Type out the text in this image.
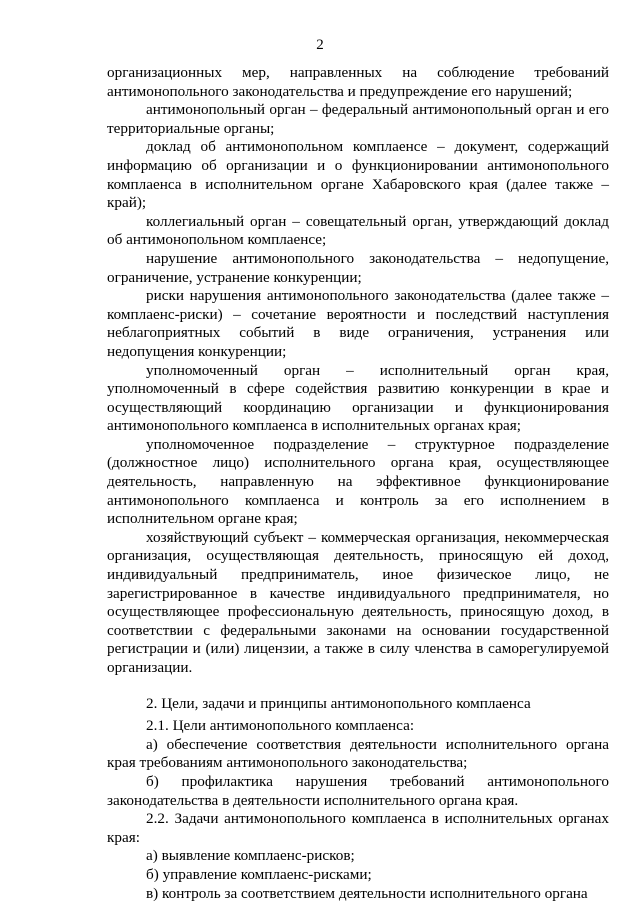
2

организационных мер, направленных на соблюдение требований антимонопольного законодательства и предупреждение его нарушений;

антимонопольный орган – федеральный антимонопольный орган и его территориальные органы;

доклад об антимонопольном комплаенсе – документ, содержащий информацию об организации и о функционировании антимонопольного комплаенса в исполнительном органе Хабаровского края (далее также – край);

коллегиальный орган – совещательный орган, утверждающий доклад об антимонопольном комплаенсе;

нарушение антимонопольного законодательства – недопущение, ограничение, устранение конкуренции;

риски нарушения антимонопольного законодательства (далее также – комплаенс-риски) – сочетание вероятности и последствий наступления неблагоприятных событий в виде ограничения, устранения или недопущения конкуренции;

уполномоченный орган – исполнительный орган края, уполномоченный в сфере содействия развитию конкуренции в крае и осуществляющий координацию организации и функционирования антимонопольного комплаенса в исполнительных органах края;

уполномоченное подразделение – структурное подразделение (должностное лицо) исполнительного органа края, осуществляющее деятельность, направленную на эффективное функционирование антимонопольного комплаенса и контроль за его исполнением в исполнительном органе края;

хозяйствующий субъект – коммерческая организация, некоммерческая организация, осуществляющая деятельность, приносящую ей доход, индивидуальный предприниматель, иное физическое лицо, не зарегистрированное в качестве индивидуального предпринимателя, но осуществляющее профессиональную деятельность, приносящую доход, в соответствии с федеральными законами на основании государственной регистрации и (или) лицензии, а также в силу членства в саморегулируемой организации.

2. Цели, задачи и принципы антимонопольного комплаенса

2.1. Цели антимонопольного комплаенса:

а) обеспечение соответствия деятельности исполнительного органа края требованиям антимонопольного законодательства;

б) профилактика нарушения требований антимонопольного законодательства в деятельности исполнительного органа края.

2.2. Задачи антимонопольного комплаенса в исполнительных органах края:

а) выявление комплаенс-рисков;

б) управление комплаенс-рисками;

в) контроль за соответствием деятельности исполнительного органа
